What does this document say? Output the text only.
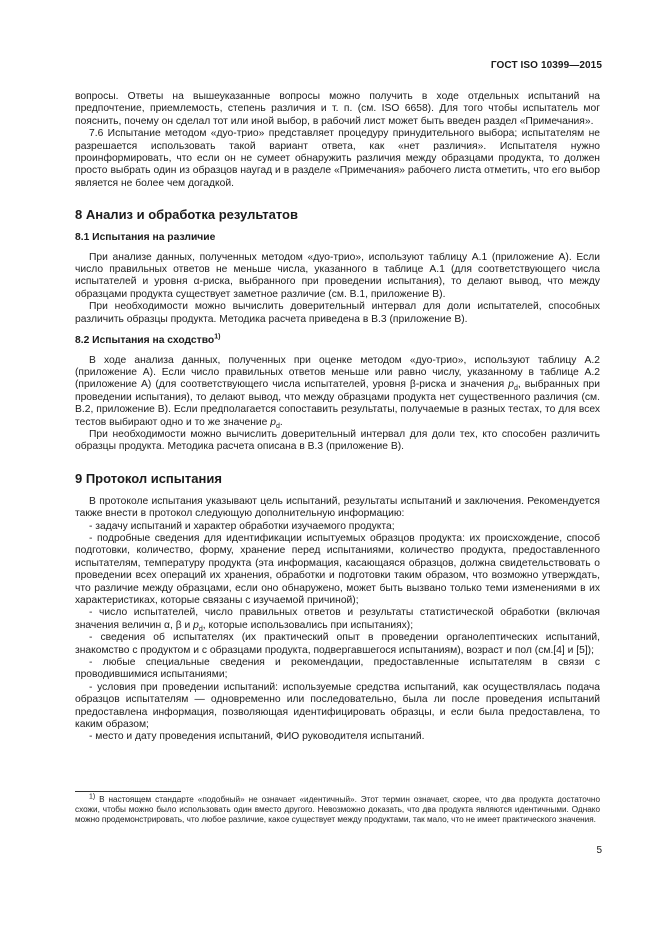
ГОСТ ISO 10399—2015

вопросы. Ответы на вышеуказанные вопросы можно получить в ходе отдельных испытаний на предпочтение, приемлемость, степень различия и т. п. (см. ISO 6658). Для того чтобы испытатель мог пояснить, почему он сделал тот или иной выбор, в рабочий лист может быть введен раздел «Примечания».

7.6 Испытание методом «дуо-трио» представляет процедуру принудительного выбора; испытателям не разрешается использовать такой вариант ответа, как «нет различия». Испытателя нужно проинформировать, что если он не сумеет обнаружить различия между образцами продукта, то должен просто выбрать один из образцов наугад и в разделе «Примечания» рабочего листа отметить, что его выбор является не более чем догадкой.

8 Анализ и обработка результатов
8.1 Испытания на различие

При анализе данных, полученных методом «дуо-трио», используют таблицу А.1 (приложение А). Если число правильных ответов не меньше числа, указанного в таблице А.1 (для соответствующего числа испытателей и уровня α-риска, выбранного при проведении испытания), то делают вывод, что между образцами продукта существует заметное различие (см. В.1, приложение В).

При необходимости можно вычислить доверительный интервал для доли испытателей, способных различить образцы продукта. Методика расчета приведена в В.3 (приложение В).

8.2 Испытания на сходство$^{1)}$

В ходе анализа данных, полученных при оценке методом «дуо-трио», используют таблицу А.2 (приложение А). Если число правильных ответов меньше или равно числу, указанному в таблице А.2 (приложение А) (для соответствующего числа испытателей, уровня β-риска и значения $p_d$, выбранных при проведении испытания), то делают вывод, что между образцами продукта нет существенного различия (см. В.2, приложение В). Если предполагается сопоставить результаты, получаемые в разных тестах, то для всех тестов выбирают одно и то же значение $p_d$.

При необходимости можно вычислить доверительный интервал для доли тех, кто способен различить образцы продукта. Методика расчета описана в В.3 (приложение В).

9 Протокол испытания

В протоколе испытания указывают цель испытаний, результаты испытаний и заключения. Рекомендуется также внести в протокол следующую дополнительную информацию:

- задачу испытаний и характер обработки изучаемого продукта;

- подробные сведения для идентификации испытуемых образцов продукта: их происхождение, способ подготовки, количество, форму, хранение перед испытаниями, количество продукта, предоставленного испытателям, температуру продукта (эта информация, касающаяся образцов, должна свидетельствовать о проведении всех операций их хранения, обработки и подготовки таким образом, что возможно утверждать, что различие между образцами, если оно обнаружено, может быть вызвано только теми изменениями в их характеристиках, которые связаны с изучаемой причиной);

- число испытателей, число правильных ответов и результаты статистической обработки (включая значения величин α, β и $p_d$, которые использовались при испытаниях);

- сведения об испытателях (их практический опыт в проведении органолептических испытаний, знакомство с продуктом и с образцами продукта, подвергавшегося испытаниям), возраст и пол (см.[4] и [5]);

- любые специальные сведения и рекомендации, предоставленные испытателям в связи с проводившимися испытаниями;

- условия при проведении испытаний: используемые средства испытаний, как осуществлялась подача образцов испытателям — одновременно или последовательно, была ли после проведения испытаний предоставлена информация, позволяющая идентифицировать образцы, и если была предоставлена, то каким образом;

- место и дату проведения испытаний, ФИО руководителя испытаний.

$^{1)}$ В настоящем стандарте «подобный» не означает «идентичный». Этот термин означает, скорее, что два продукта достаточно схожи, чтобы можно было использовать один вместо другого. Невозможно доказать, что два продукта являются идентичными. Однако можно продемонстрировать, что любое различие, какое существует между продуктами, так мало, что не имеет практического значения.

5
